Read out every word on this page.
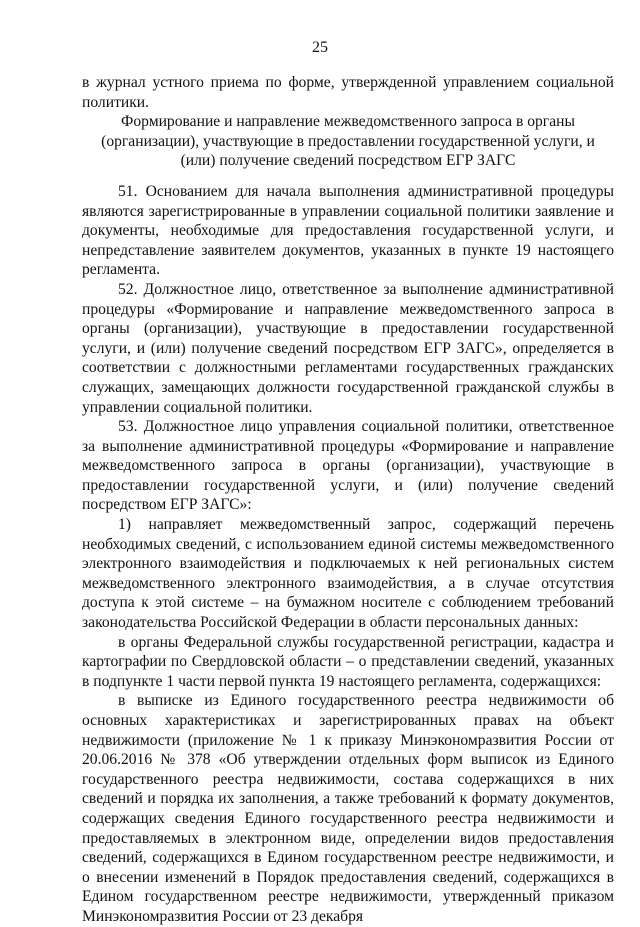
25

в журнал устного приема по форме, утвержденной управлением социальной политики.

Формирование и направление межведомственного запроса в органы (организации), участвующие в предоставлении государственной услуги, и (или) получение сведений посредством ЕГР ЗАГС

51. Основанием для начала выполнения административной процедуры являются зарегистрированные в управлении социальной политики заявление и документы, необходимые для предоставления государственной услуги, и непредставление заявителем документов, указанных в пункте 19 настоящего регламента.

52. Должностное лицо, ответственное за выполнение административной процедуры «Формирование и направление межведомственного запроса в органы (организации), участвующие в предоставлении государственной услуги, и (или) получение сведений посредством ЕГР ЗАГС», определяется в соответствии с должностными регламентами государственных гражданских служащих, замещающих должности государственной гражданской службы в управлении социальной политики.

53. Должностное лицо управления социальной политики, ответственное за выполнение административной процедуры «Формирование и направление межведомственного запроса в органы (организации), участвующие в предоставлении государственной услуги, и (или) получение сведений посредством ЕГР ЗАГС»:

1) направляет межведомственный запрос, содержащий перечень необходимых сведений, с использованием единой системы межведомственного электронного взаимодействия и подключаемых к ней региональных систем межведомственного электронного взаимодействия, а в случае отсутствия доступа к этой системе – на бумажном носителе с соблюдением требований законодательства Российской Федерации в области персональных данных:

в органы Федеральной службы государственной регистрации, кадастра и картографии по Свердловской области – о представлении сведений, указанных в подпункте 1 части первой пункта 19 настоящего регламента, содержащихся:

в выписке из Единого государственного реестра недвижимости об основных характеристиках и зарегистрированных правах на объект недвижимости (приложение № 1 к приказу Минэкономразвития России от 20.06.2016 № 378 «Об утверждении отдельных форм выписок из Единого государственного реестра недвижимости, состава содержащихся в них сведений и порядка их заполнения, а также требований к формату документов, содержащих сведения Единого государственного реестра недвижимости и предоставляемых в электронном виде, определении видов предоставления сведений, содержащихся в Едином государственном реестре недвижимости, и о внесении изменений в Порядок предоставления сведений, содержащихся в Едином государственном реестре недвижимости, утвержденный приказом Минэкономразвития России от 23 декабря
